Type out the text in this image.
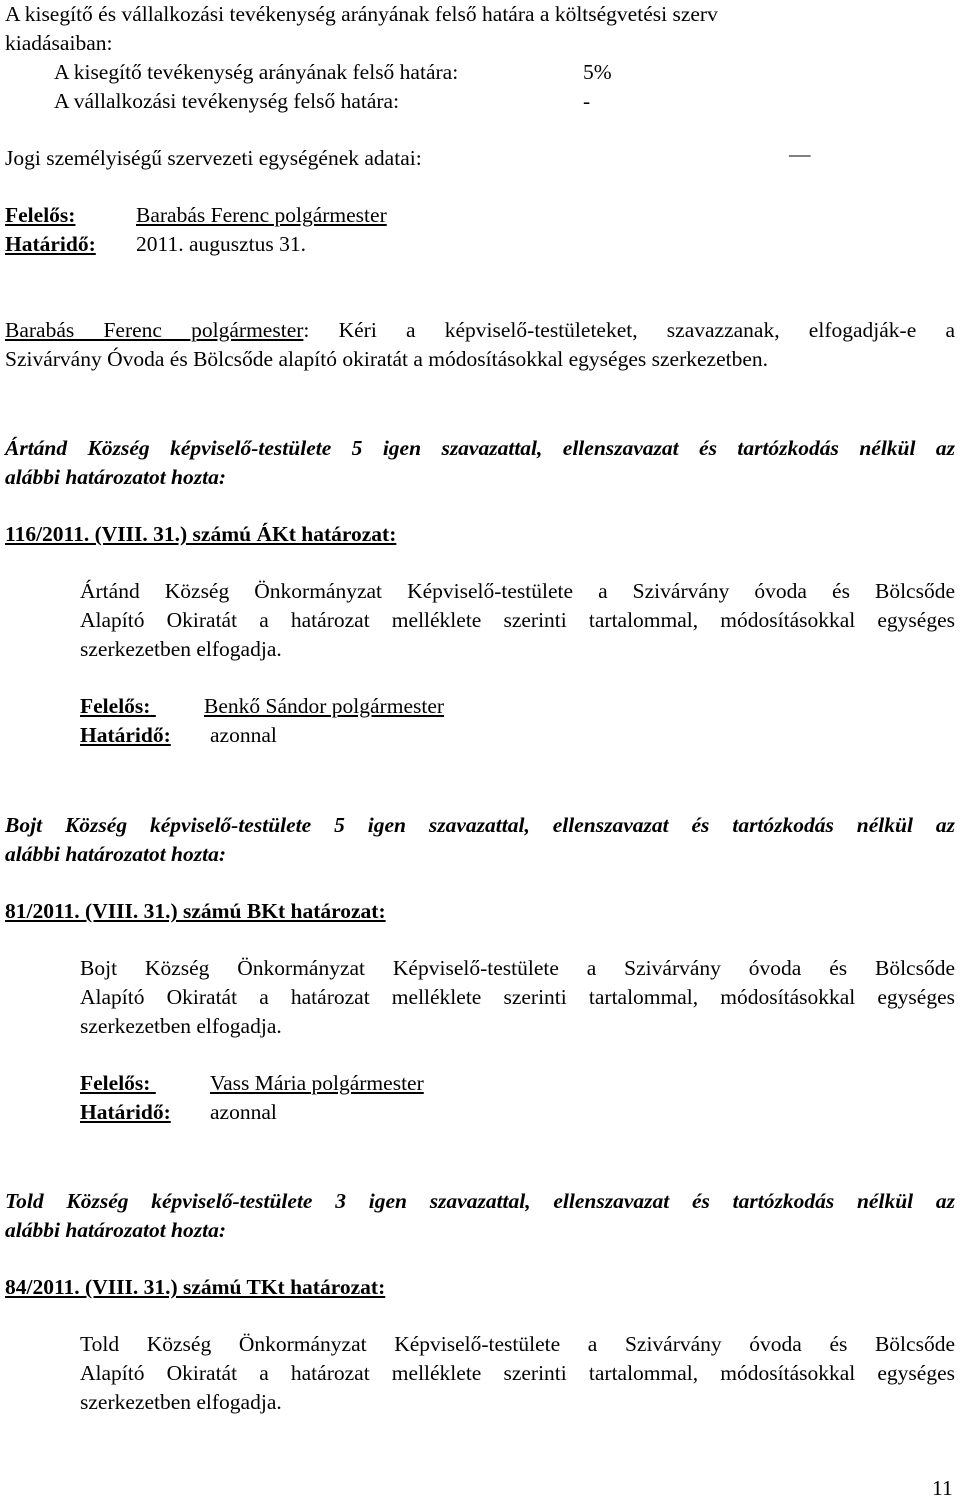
A kisegítő és vállalkozási tevékenység arányának felső határa a költségvetési szerv
kiadásaiban:
A kisegítő tevékenység arányának felső határa:	5%
A vállalkozási tevékenység felső határa:	-
Jogi személyiségű szervezeti egységének adatai:	—
Felelős:	Barabás Ferenc polgármester
Határidő: 2011. augusztus 31.
Barabás Ferenc polgármester: Kéri a képviselő-testületeket, szavazzanak, elfogadják-e a
Szivárvány Óvoda és Bölcsőde alapító okiratát a módosításokkal egységes szerkezetben.
Ártánd Község képviselő-testülete 5 igen szavazattal, ellenszavazat és tartózkodás nélkül az
alábbi határozatot hozta:
116/2011. (VIII. 31.) számú ÁKt határozat:
Ártánd Község Önkormányzat Képviselő-testülete a Szivárvány óvoda és Bölcsőde
Alapító Okiratát a határozat melléklete szerinti tartalommal, módosításokkal egységes
szerkezetben elfogadja.
Felelős:	Benkő Sándor polgármester
Határidő: azonnal
Bojt Község képviselő-testülete 5 igen szavazattal, ellenszavazat és tartózkodás nélkül az
alábbi határozatot hozta:
81/2011. (VIII. 31.) számú BKt határozat:
Bojt Község Önkormányzat Képviselő-testülete a Szivárvány óvoda és Bölcsőde
Alapító Okiratát a határozat melléklete szerinti tartalommal, módosításokkal egységes
szerkezetben elfogadja.
Felelős:	Vass Mária polgármester
Határidő: azonnal
Told Község képviselő-testülete 3 igen szavazattal, ellenszavazat és tartózkodás nélkül az
alábbi határozatot hozta:
84/2011. (VIII. 31.) számú TKt határozat:
Told Község Önkormányzat Képviselő-testülete a Szivárvány óvoda és Bölcsőde
Alapító Okiratát a határozat melléklete szerinti tartalommal, módosításokkal egységes
szerkezetben elfogadja.
11
